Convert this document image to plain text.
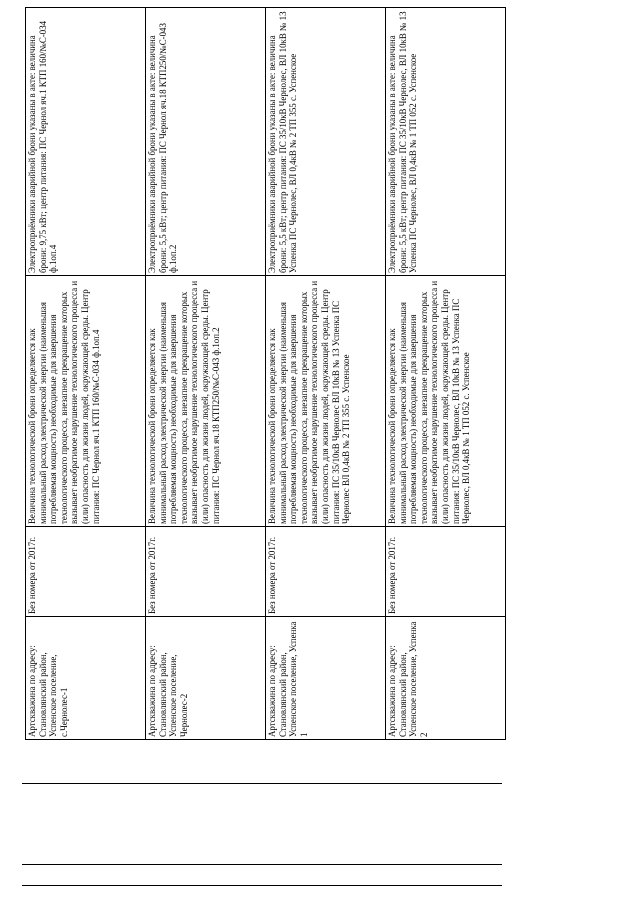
Артскважина по адресу: Становлянский район, Успенское поселение, с.Чернолес-1	Без номера от 2017г.	Величина технологической брони определяется как минимальный расход электрической энергии (наименьшая потребляемая мощность) необходимые для завершения технологического процесса, внезапное прекращение которых вызывает необратимое нарушение технологического процесса и (или) опасность для жизни людей, окружающей среды. Центр питания: ПС Чернол яч.1 КТП 160/№С-034 ф.1оп.4	Электроприёмники аварийной брони указаны в акте: величина брони: 9,75 кВт; центр питания: ПС Чернол яч.1 КТП 160/№С-034 ф.1оп.4
Артскважина по адресу: Становлянский район, Успенское поселение, Чернолес-2	Без номера от 2017г.	Величина технологической брони определяется как минимальный расход электрической энергии (наименьшая потребляемая мощность) необходимые для завершения технологического процесса, внезапное прекращение которых вызывает необратимое нарушение технологического процесса и (или) опасность для жизни людей, окружающей среды. Центр питания: ПС Чернол яч.18 КТП250/№С-043 ф.1оп.2	Электроприёмники аварийной брони указаны в акте: величина брони: 5,5 кВт; центр питания: ПС Чернол яч.18 КТП250/№С-043 ф.1оп.2
Артскважина по адресу: Становлянский район, Успенское поселение, Успенка 1	Без номера от 2017г.	Величина технологической брони определяется как минимальный расход электрической энергии (наименьшая потребляемая мощность) необходимые для завершения технологического процесса, внезапное прекращение которых вызывает необратимое нарушение технологического процесса и (или) опасность для жизни людей, окружающей среды. Центр питания: ПС 35/10кВ Чернолес ВЛ 10кВ № 13 Успенка ПС Чернолес ВЛ 0,4кВ № 2 ТП 355 с. Успенское	Электроприёмники аварийной брони указаны в акте: величина брони: 5,5 кВт; центр питания: ПС 35/10кВ Чернолес, ВЛ 10кВ № 13 Успенка ПС Чернолес, ВЛ 0,4кВ № 2 ТП 355 с. Успенское
Артскважина по адресу: Становлянский район, Успенское поселение, Успенка 2	Без номера от 2017г.	Величина технологической брони определяется как минимальный расход электрической энергии (наименьшая потребляемая мощность) необходимые для завершения технологического процесса, внезапное прекращение которых вызывает необратимое нарушение технологического процесса и (или) опасность для жизни людей, окружающей среды. Центр питания: ПС 35/10кВ Чернолес, ВЛ 10кВ № 13 Успенка ПС Чернолес, ВЛ 0,4кВ № 1 ТП 052 с. Успенское	Электроприёмники аварийной брони указаны в акте: величина брони: 5,5 кВт; центр питания: ПС 35/10кВ Чернолес, ВЛ 10кВ № 13 Успенка ПС Чернолес, ВЛ 0,4кВ № 1 ТП 052 с. Успенское
